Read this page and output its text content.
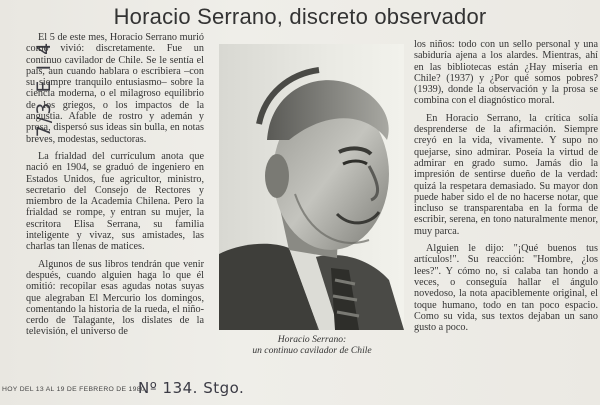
7/3 E I 4
Horacio Serrano, discreto observador

El 5 de este mes, Horacio Serrano murió como vivió: discretamente. Fue un continuo cavilador de Chile. Se le sentía el país, aun cuando hablara o escribiera –con su siempre tranquilo entusiasmo– sobre la ciencia moderna, o el milagroso equilibrio de los griegos, o los impactos de la angustia. Afable de rostro y ademán y prosa, dispersó sus ideas sin bulla, en notas breves, modestas, seductoras.

La frialdad del currículum anota que nació en 1904, se graduó de ingeniero en Estados Unidos, fue agricultor, ministro, secretario del Consejo de Rectores y miembro de la Academia Chilena. Pero la frialdad se rompe, y entran su mujer, la escritora Elisa Serrana, su familia inteligente y vivaz, sus amistades, las charlas tan llenas de matices.

Algunos de sus libros tendrán que venir después, cuando alguien haga lo que él omitió: recopilar esas agudas notas suyas que alegraban El Mercurio los domingos, comentando la historia de la rueda, el niño-cerdo de Talagante, los dislates de la televisión, el universo de

Horacio Serrano:
un continuo cavilador de Chile

los niños: todo con un sello personal y una sabiduría ajena a los alardes. Mientras, ahí en las bibliotecas están ¿Hay miseria en Chile? (1937) y ¿Por qué somos pobres? (1939), donde la observación y la prosa se combina con el diagnóstico moral.

En Horacio Serrano, la crítica solía desprenderse de la afirmación. Siempre creyó en la vida, vivamente. Y supo no quejarse, sino admirar. Poseía la virtud de admirar en grado sumo. Jamás dio la impresión de sentirse dueño de la verdad: quizá la respetara demasiado. Su mayor don puede haber sido el de no hacerse notar, que incluso se transparentaba en la forma de escribir, serena, en tono naturalmente menor, muy parca.

Alguien le dijo: "¡Qué buenos tus artículos!". Su reacción: "Hombre, ¿los lees?". Y cómo no, si calaba tan hondo a veces, o conseguía hallar el ángulo novedoso, la nota apaciblemente original, el toque humano, todo en tan poco espacio. Como su vida, sus textos dejaban un sano gusto a poco.

HOY DEL 13 AL 19 DE FEBRERO DE 1980
Nº 134. Stgo.
